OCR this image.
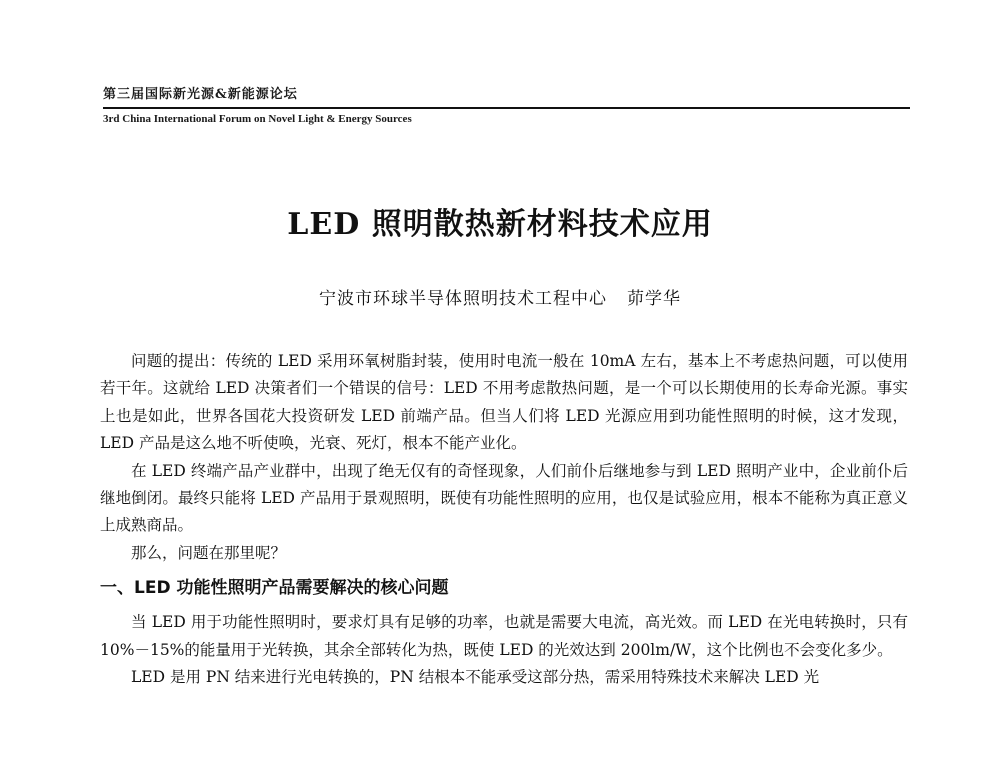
第三届国际新光源&新能源论坛
3rd China International Forum on Novel Light & Energy Sources
LED 照明散热新材料技术应用
宁波市环球半导体照明技术工程中心 茆学华

问题的提出：传统的 LED 采用环氧树脂封装，使用时电流一般在 10mA 左右，基本上不考虑热问题，可以使用若干年。这就给 LED 决策者们一个错误的信号：LED 不用考虑散热问题，是一个可以长期使用的长寿命光源。事实上也是如此，世界各国花大投资研发 LED 前端产品。但当人们将 LED 光源应用到功能性照明的时候，这才发现，LED 产品是这么地不听使唤，光衰、死灯，根本不能产业化。

在 LED 终端产品产业群中，出现了绝无仅有的奇怪现象，人们前仆后继地参与到 LED 照明产业中，企业前仆后继地倒闭。最终只能将 LED 产品用于景观照明，既使有功能性照明的应用，也仅是试验应用，根本不能称为真正意义上成熟商品。

那么，问题在那里呢？

一、LED 功能性照明产品需要解决的核心问题

当 LED 用于功能性照明时，要求灯具有足够的功率，也就是需要大电流，高光效。而 LED 在光电转换时，只有 10%－15%的能量用于光转换，其余全部转化为热，既使 LED 的光效达到 200lm/W，这个比例也不会变化多少。

LED 是用 PN 结来进行光电转换的，PN 结根本不能承受这部分热，需采用特殊技术来解决 LED 光
